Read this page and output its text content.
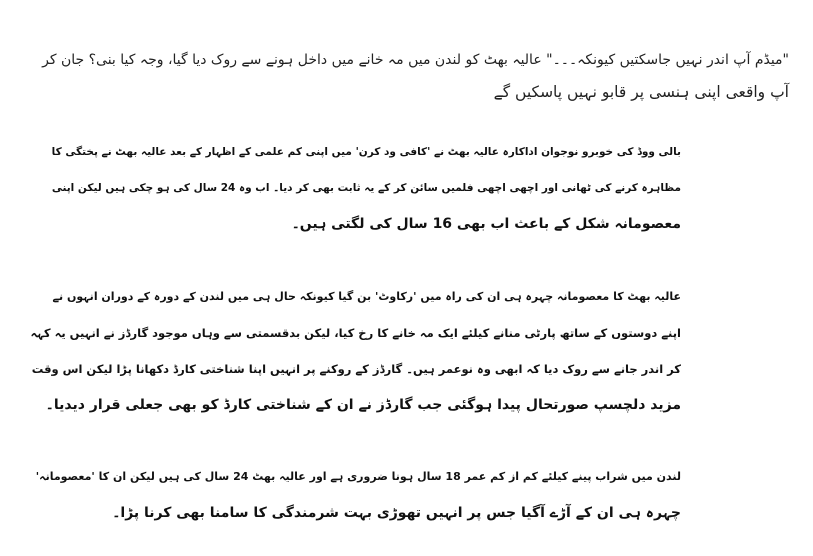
"میڈم آپ اندر نہیں جاسکتیں کیونکہ۔۔۔" عالیہ بھٹ کو لندن میں مہ خانے میں داخل ہونے سے روک دیا گیا، وجہ کیا بنی؟ جان کر
آپ واقعی اپنی ہنسی پر قابو نہیں پاسکیں گے
بالی ووڈ کی خوبرو نوجوان اداکارہ عالیہ بھٹ نے 'کافی ود کرن' میں اپنی کم علمی کے اظہار کے بعد عالیہ بھٹ نے پختگی کا
مظاہرہ کرنے کی ٹھانی اور اچھی اچھی فلمیں سائن کر کے یہ ثابت بھی کر دیا۔ اب وہ 24 سال کی ہو چکی ہیں لیکن اپنی
معصومانہ شکل کے باعث اب بھی 16 سال کی لگتی ہیں۔
عالیہ بھٹ کا معصومانہ چہرہ ہی ان کی راہ میں 'رکاوٹ' بن گیا کیونکہ حال ہی میں لندن کے دورہ کے دوران انہوں نے
اپنے دوستوں کے ساتھ پارٹی منانے کیلئے ایک مہ خانے کا رخ کیا، لیکن بدقسمتی سے وہاں موجود گارڈز نے انہیں یہ کہہ
کر اندر جانے سے روک دیا کہ ابھی وہ نوعمر ہیں۔ گارڈز کے روکنے پر انہیں اپنا شناختی کارڈ دکھانا پڑا لیکن اس وقت
مزید دلچسپ صورتحال پیدا ہوگئی جب گارڈز نے ان کے شناختی کارڈ کو بھی جعلی قرار دیدیا۔
لندن میں شراب پینے کیلئے کم از کم عمر 18 سال ہونا ضروری ہے اور عالیہ بھٹ 24 سال کی ہیں لیکن ان کا 'معصومانہ'
چہرہ ہی ان کے آڑے آگیا جس پر انہیں تھوڑی بہت شرمندگی کا سامنا بھی کرنا پڑا۔
